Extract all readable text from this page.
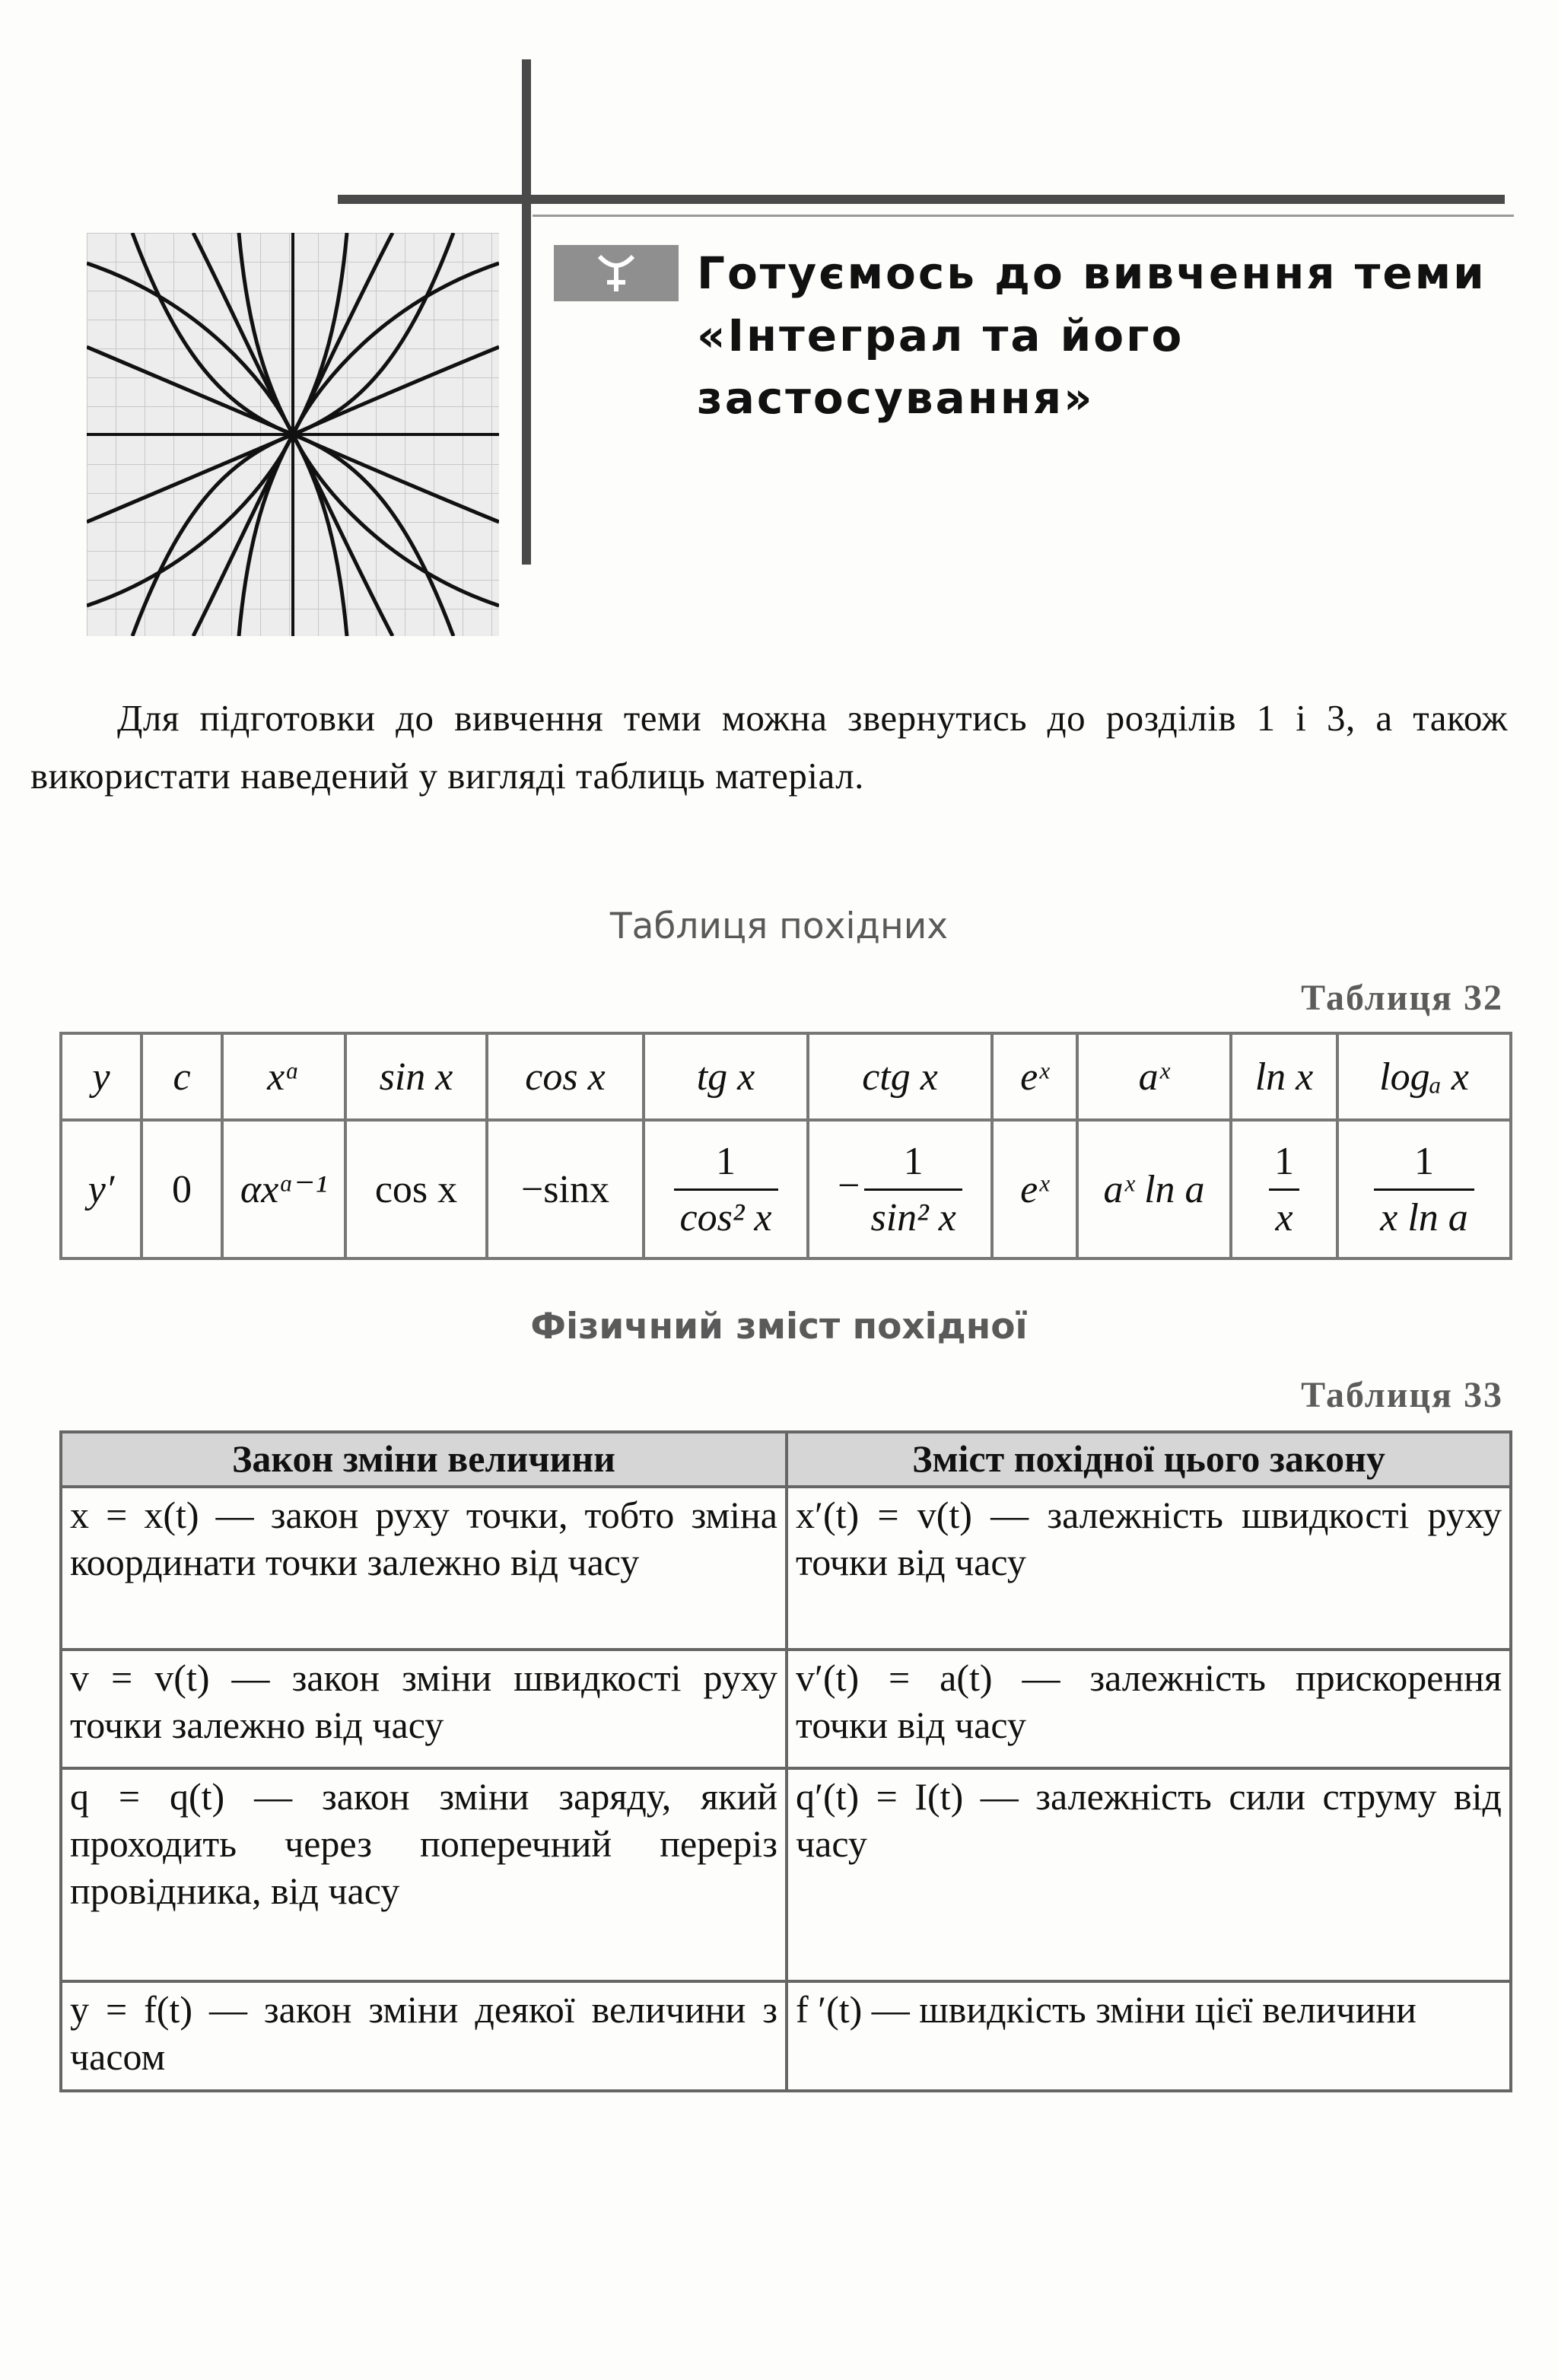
Готуємось до вивчення теми «Інтеграл та його застосування»
Для підготовки до вивчення теми можна звернутись до розділів 1 і 3, а також використати наведений у вигляді таблиць матеріал.
Таблиця похідних
Таблиця 32
y	c	xᵅ	sin x	cos x	tg x	ctg x	eˣ	aˣ	ln x	logₐ x
y′	0	αxᵅ⁻¹	cos x	−sinx	$\frac{1}{\text{cos² x}}$	− $\frac{1}{\text{sin² x}}$	eˣ	aˣ ln a	$\frac{1}{x}$	$\frac{1}{\text{x ln a}}$
Фізичний зміст похідної
Таблиця 33
Закон зміни величини	Зміст похідної цього закону
x = x(t) — закон руху точки, тобто зміна координати точки залежно від часу	x′(t) = v(t) — залежність швидкості руху точки від часу
v = v(t) — закон зміни швидкості руху точки залежно від часу	v′(t) = a(t) — залежність прискорення точки від часу
q = q(t) — закон зміни заряду, який проходить через поперечний переріз провідника, від часу	q′(t) = I(t) — залежність сили струму від часу
y = f(t) — закон зміни деякої величини з часом	f ′(t) — швидкість зміни цієї величини
